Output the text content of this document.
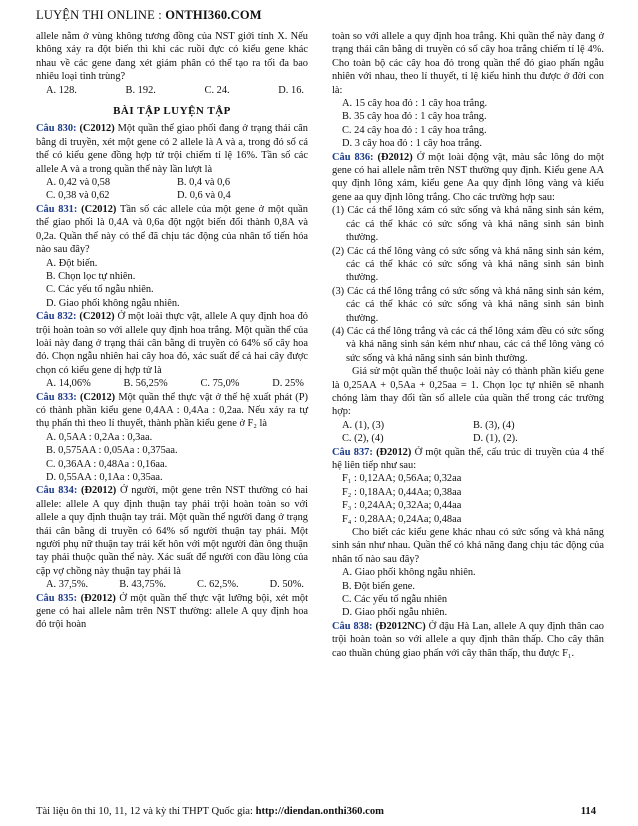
LUYỆN THI ONLINE : ONTHI360.COM

allele nằm ở vùng không tương đồng của NST giới tính X. Nếu không xảy ra đột biến thì khi các ruồi đực có kiểu gene khác nhau về các gene đang xét giảm phân có thể tạo ra tối đa bao nhiêu loại tinh trùng?

A. 128.	B. 192.	C. 24.	D. 16.
BÀI TẬP LUYỆN TẬP

Câu 830: (C2012) Một quần thể giao phối đang ở trạng thái cân bằng di truyền, xét một gene có 2 allele là A và a, trong đó số cá thể có kiểu gene đồng hợp tử trội chiếm tỉ lệ 16%. Tần số các allele A và a trong quần thể này lần lượt là

A. 0,42 và 0,58	B. 0,4 và 0,6
C. 0,38 và 0,62	D. 0,6 và 0,4

Câu 831: (C2012) Tần số các allele của một gene ở một quần thể giao phối là 0,4A và 0,6a đột ngột biến đổi thành 0,8A và 0,2a. Quần thể này có thể đã chịu tác động của nhân tố tiến hóa nào sau đây?

A. Đột biến.
B. Chọn lọc tự nhiên.
C. Các yếu tố ngẫu nhiên.
D. Giao phối không ngẫu nhiên.

Câu 832: (C2012) Ở một loài thực vật, allele A quy định hoa đỏ trội hoàn toàn so với allele quy định hoa trắng. Một quần thể của loài này đang ở trạng thái cân bằng di truyền có 64% số cây hoa đỏ. Chọn ngẫu nhiên hai cây hoa đỏ, xác suất để cả hai cây được chọn có kiểu gene dị hợp tử là

A. 14,06%	B. 56,25%	C. 75,0%	D. 25%

Câu 833: (C2012) Một quần thể thực vật ở thế hệ xuất phát (P) có thành phần kiểu gene 0,4AA : 0,4Aa : 0,2aa. Nếu xảy ra tự thụ phấn thì theo lí thuyết, thành phần kiểu gene ở F₂ là

A. 0,5AA : 0,2Aa : 0,3aa.
B. 0,575AA : 0,05Aa : 0,375aa.
C. 0,36AA : 0,48Aa : 0,16aa.
D. 0,55AA : 0,1Aa : 0,35aa.

Câu 834: (Đ2012) Ở người, một gene trên NST thường có hai allele: allele A quy định thuận tay phải trội hoàn toàn so với allele a quy định thuận tay trái. Một quần thể người đang ở trạng thái cân bằng di truyền có 64% số người thuận tay phải. Một người phụ nữ thuận tay trái kết hôn với một người đàn ông thuận tay phải thuộc quần thể này. Xác suất để người con đầu lòng của cặp vợ chồng này thuận tay phải là

A. 37,5%.	B. 43,75%.	C. 62,5%.	D. 50%.

Câu 835: (Đ2012) Ở một quần thể thực vật lưỡng bội, xét một gene có hai allele nằm trên NST thường: allele A quy định hoa đỏ trội hoàn

toàn so với allele a quy định hoa trắng. Khi quần thể này đang ở trạng thái cân bằng di truyền có số cây hoa trắng chiếm tỉ lệ 4%. Cho toàn bộ các cây hoa đỏ trong quần thể đó giao phấn ngẫu nhiên với nhau, theo lí thuyết, tỉ lệ kiểu hình thu được ở đời con là:

A. 15 cây hoa đỏ : 1 cây hoa trắng.
B. 35 cây hoa đỏ : 1 cây hoa trắng.
C. 24 cây hoa đỏ : 1 cây hoa trắng.
D. 3 cây hoa đỏ : 1 cây hoa trắng.

Câu 836: (Đ2012) Ở một loài động vật, màu sắc lông do một gene có hai allele nằm trên NST thường quy định. Kiểu gene AA quy định lông xám, kiểu gene Aa quy định lông vàng và kiểu gene aa quy định lông trắng. Cho các trường hợp sau:

(1) Các cá thể lông xám có sức sống và khả năng sinh sản kém, các cá thể khác có sức sống và khả năng sinh sản bình thường.

(2) Các cá thể lông vàng có sức sống và khả năng sinh sản kém, các cá thể khác có sức sống và khả năng sinh sản bình thường.

(3) Các cá thể lông trắng có sức sống và khả năng sinh sản kém, các cá thể khác có sức sống và khả năng sinh sản bình thường.

(4) Các cá thể lông trắng và các cá thể lông xám đều có sức sống và khả năng sinh sản kém như nhau, các cá thể lông vàng có sức sống và khả năng sinh sản bình thường.

Giả sử một quần thể thuộc loài này có thành phần kiểu gene là 0,25AA + 0,5Aa + 0,25aa = 1. Chọn lọc tự nhiên sẽ nhanh chóng làm thay đổi tần số allele của quần thể trong các trường hợp:

A. (1), (3)	B. (3), (4)
C. (2), (4)	D. (1), (2).

Câu 837: (Đ2012) Ở một quần thể, cấu trúc di truyền của 4 thế hệ liên tiếp như sau:

F₁ : 0,12AA; 0,56Aa; 0,32aa
F₂ : 0,18AA; 0,44Aa; 0,38aa
F₃ : 0,24AA; 0,32Aa; 0,44aa
F₄ : 0,28AA; 0,24Aa; 0,48aa

Cho biết các kiểu gene khác nhau có sức sống và khả năng sinh sản như nhau. Quần thể có khả năng đang chịu tác động của nhân tố nào sau đây?

A. Giao phối không ngẫu nhiên.
B. Đột biến gene.
C. Các yếu tố ngẫu nhiên
D. Giao phối ngẫu nhiên.

Câu 838: (Đ2012NC) Ở đậu Hà Lan, allele A quy định thân cao trội hoàn toàn so với allele a quy định thân thấp. Cho cây thân cao thuần chủng giao phấn với cây thân thấp, thu được F₁.

Tài liệu ôn thi 10, 11, 12 và kỳ thi THPT Quốc gia: http://diendan.onthi360.com	114
